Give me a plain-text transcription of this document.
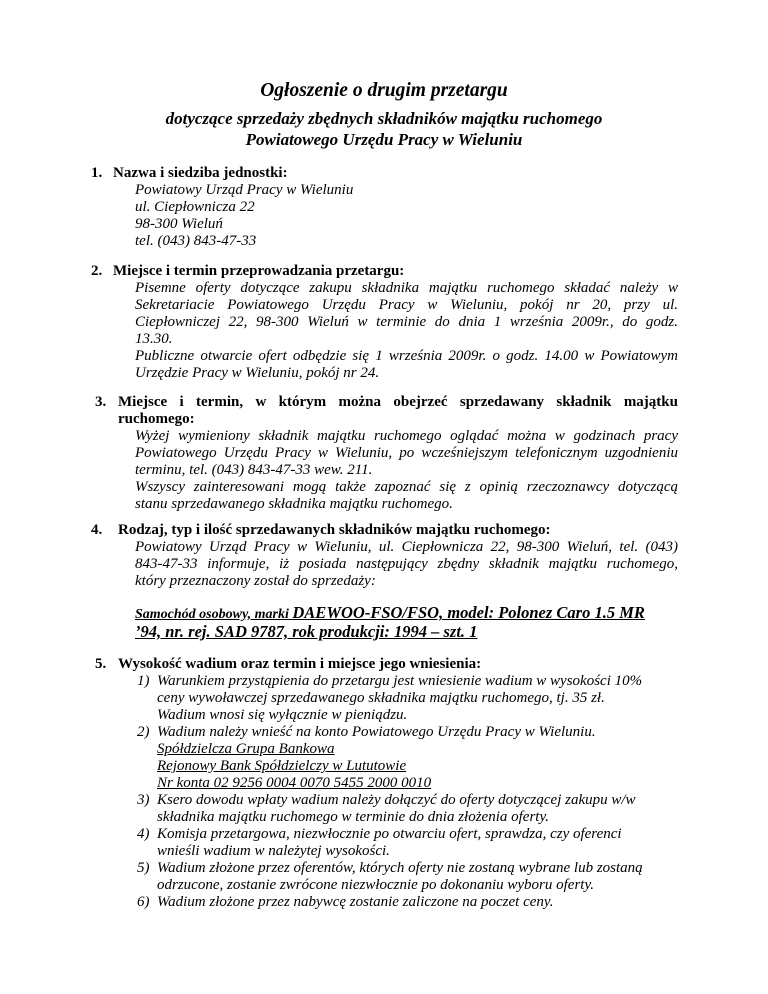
Ogłoszenie o drugim przetargu
dotyczące sprzedaży zbędnych składników majątku ruchomego
Powiatowego Urzędu Pracy w Wieluniu
1. Nazwa i siedziba jednostki:
Powiatowy Urząd Pracy w Wieluniu
ul. Ciepłownicza 22
98-300 Wieluń
tel. (043) 843-47-33
2. Miejsce i termin przeprowadzania przetargu:
Pisemne oferty dotyczące zakupu składnika majątku ruchomego składać należy w
Sekretariacie Powiatowego Urzędu Pracy w Wieluniu, pokój nr 20, przy ul.
Ciepłowniczej 22, 98-300 Wieluń w terminie do dnia 1 września 2009r., do godz.
13.30.
Publiczne otwarcie ofert odbędzie się 1 września 2009r. o godz. 14.00 w Powiatowym
Urzędzie Pracy w Wieluniu, pokój nr 24.
3. Miejsce i termin, w którym można obejrzeć sprzedawany składnik majątku
ruchomego:
Wyżej wymieniony składnik majątku ruchomego oglądać można w godzinach pracy
Powiatowego Urzędu Pracy w Wieluniu, po wcześniejszym telefonicznym uzgodnieniu
terminu, tel. (043) 843-47-33 wew. 211.
Wszyscy zainteresowani mogą także zapoznać się z opinią rzeczoznawcy dotyczącą
stanu sprzedawanego składnika majątku ruchomego.
4. Rodzaj, typ i ilość sprzedawanych składników majątku ruchomego:
Powiatowy Urząd Pracy w Wieluniu, ul. Ciepłownicza 22, 98-300 Wieluń, tel. (043)
843-47-33 informuje, iż posiada następujący zbędny składnik majątku ruchomego,
który przeznaczony został do sprzedaży:
Samochód osobowy, marki DAEWOO-FSO/FSO, model: Polonez Caro 1.5 MR
’94, nr. rej. SAD 9787, rok produkcji: 1994 – szt. 1
5. Wysokość wadium oraz termin i miejsce jego wniesienia:
1) Warunkiem przystąpienia do przetargu jest wniesienie wadium w wysokości 10%
ceny wywoławczej sprzedawanego składnika majątku ruchomego, tj. 35 zł.
Wadium wnosi się wyłącznie w pieniądzu.
2) Wadium należy wnieść na konto Powiatowego Urzędu Pracy w Wieluniu.
Spółdzielcza Grupa Bankowa
Rejonowy Bank Spółdzielczy w Lututowie
Nr konta 02 9256 0004 0070 5455 2000 0010
3) Ksero dowodu wpłaty wadium należy dołączyć do oferty dotyczącej zakupu w/w
składnika majątku ruchomego w terminie do dnia złożenia oferty.
4) Komisja przetargowa, niezwłocznie po otwarciu ofert, sprawdza, czy oferenci
wnieśli wadium w należytej wysokości.
5) Wadium złożone przez oferentów, których oferty nie zostaną wybrane lub zostaną
odrzucone, zostanie zwrócone niezwłocznie po dokonaniu wyboru oferty.
6) Wadium złożone przez nabywcę zostanie zaliczone na poczet ceny.
